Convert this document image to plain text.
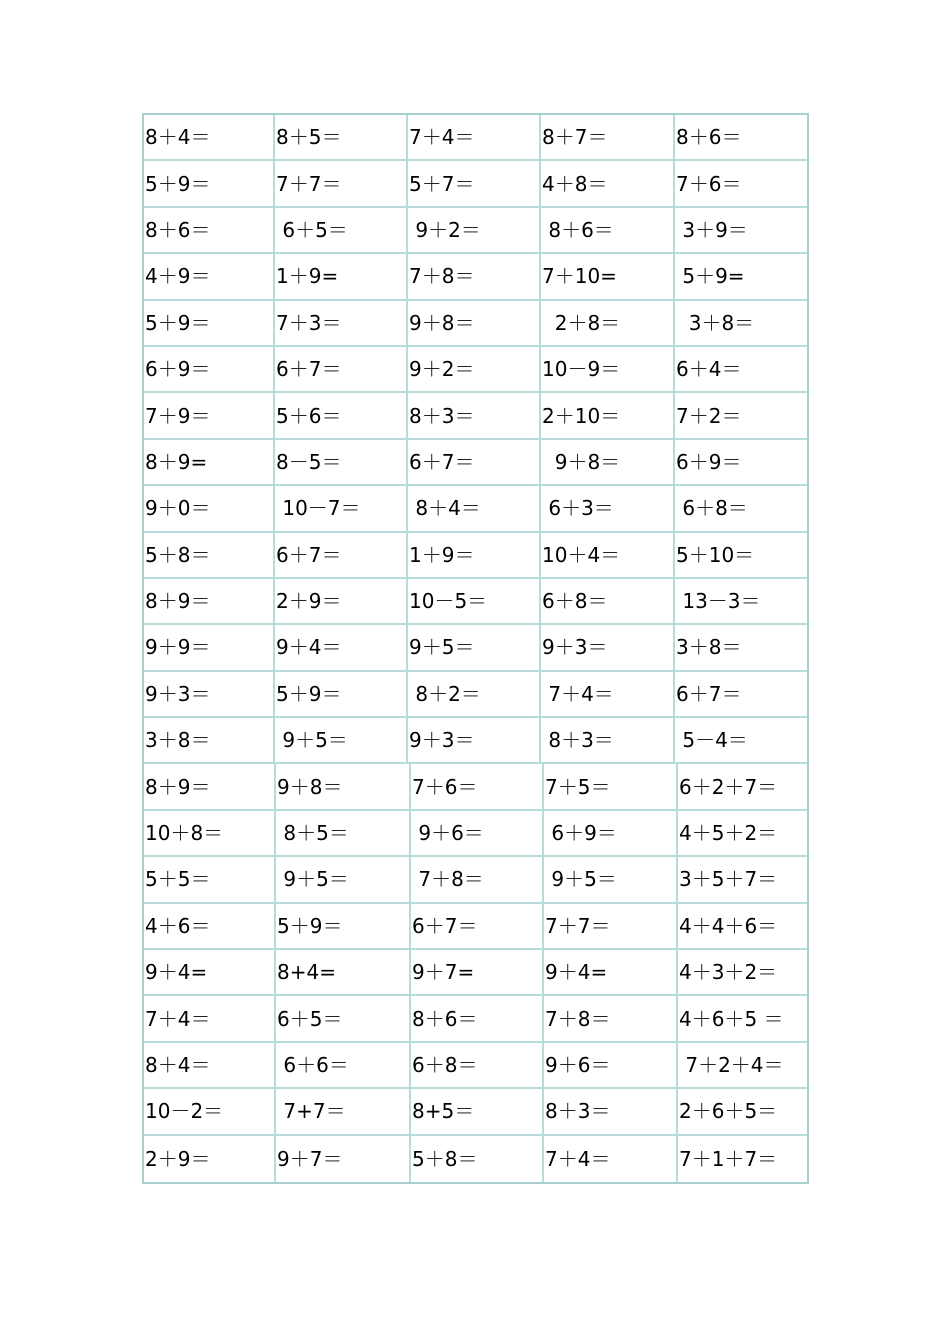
8＋4＝	8＋5＝	7＋4＝	8＋7＝	8＋6＝
5＋9＝	7＋7＝	5＋7＝	4＋8＝	7＋6＝
8＋6＝	6＋5＝	9＋2＝	8＋6＝	3＋9＝
4＋9＝	1＋9=	7＋8＝	7＋10=	5＋9=
5＋9＝	7＋3＝	9＋8＝	2＋8＝	3＋8＝
6＋9＝	6＋7＝	9＋2＝	10－9＝	6＋4＝
7＋9＝	5＋6＝	8＋3＝	2＋10＝	7＋2＝
8＋9=	8－5＝	6＋7＝	9＋8＝	6＋9＝
9＋0＝	10－7＝	8＋4＝	6＋3＝	6＋8＝
5＋8＝	6＋7＝	1＋9＝	10＋4＝	5＋10＝
8＋9＝	2＋9＝	10－5＝	6＋8＝	13－3＝
9＋9＝	9＋4＝	9＋5＝	9＋3＝	3＋8＝
9＋3＝	5＋9＝	8＋2＝	7＋4＝	6＋7＝
3＋8＝	9＋5＝	9＋3＝	8＋3＝	5－4＝
8＋9＝	9＋8＝	7＋6＝	7＋5＝	6＋2＋7＝
10＋8＝	8＋5＝	9＋6＝	6＋9＝	4＋5＋2＝
5＋5＝	9＋5＝	7＋8＝	9＋5＝	3＋5＋7＝
4＋6＝	5＋9＝	6＋7＝	7＋7＝	4＋4＋6＝
9＋4=	8+4=	9＋7=	9＋4=	4＋3＋2＝
7＋4＝	6＋5＝	8＋6＝	7＋8＝	4＋6＋5 ＝
8＋4＝	6＋6＝	6＋8＝	9＋6＝	7＋2＋4＝
10－2＝	7+7＝	8+5＝	8＋3＝	2＋6＋5＝
2＋9＝	9＋7＝	5＋8＝	7＋4＝	7＋1＋7＝
